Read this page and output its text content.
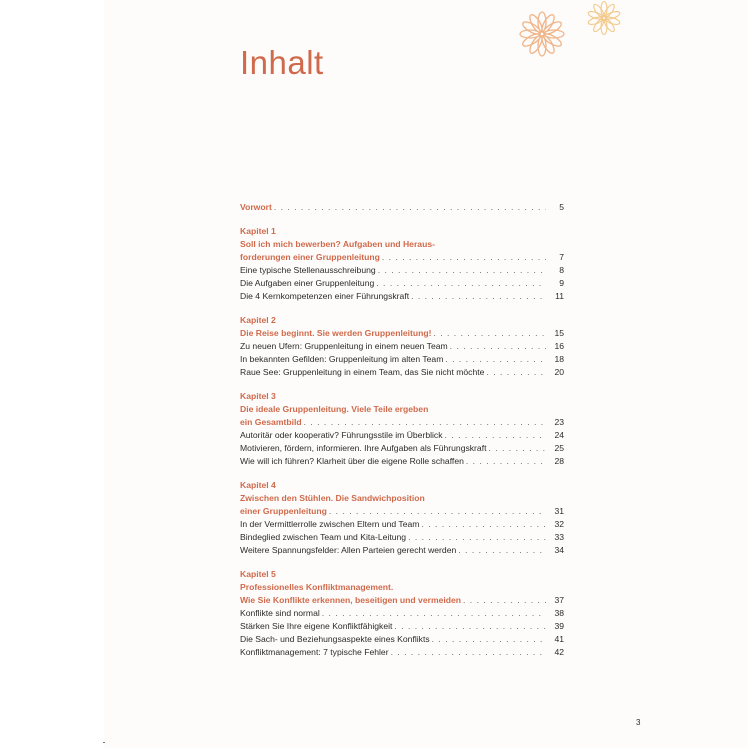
Inhalt
Vorwort . . .	5
Kapitel 1
Soll ich mich bewerben? Aufgaben und Heraus-
forderungen einer Gruppenleitung . . .	7
Eine typische Stellenausschreibung . . .	8
Die Aufgaben einer Gruppenleitung . . .	9
Die 4 Kernkompetenzen einer Führungskraft . . .	11
Kapitel 2
Die Reise beginnt. Sie werden Gruppenleitung! . . .	15
Zu neuen Ufern: Gruppenleitung in einem neuen Team . . .	16
In bekannten Gefilden: Gruppenleitung im alten Team . . .	18
Raue See: Gruppenleitung in einem Team, das Sie nicht möchte . . .	20
Kapitel 3
Die ideale Gruppenleitung. Viele Teile ergeben
ein Gesamtbild . . .	23
Autoritär oder kooperativ? Führungsstile im Überblick . . .	24
Motivieren, fördern, informieren. Ihre Aufgaben als Führungskraft . . .	25
Wie will ich führen? Klarheit über die eigene Rolle schaffen . . .	28
Kapitel 4
Zwischen den Stühlen. Die Sandwichposition
einer Gruppenleitung . . .	31
In der Vermittlerrolle zwischen Eltern und Team . . .	32
Bindeglied zwischen Team und Kita-Leitung . . .	33
Weitere Spannungsfelder: Allen Parteien gerecht werden . . .	34
Kapitel 5
Professionelles Konfliktmanagement.
Wie Sie Konflikte erkennen, beseitigen und vermeiden . . .	37
Konflikte sind normal . . .	38
Stärken Sie Ihre eigene Konfliktfähigkeit . . .	39
Die Sach- und Beziehungsaspekte eines Konflikts . . .	41
Konfliktmanagement: 7 typische Fehler . . .	42
3
